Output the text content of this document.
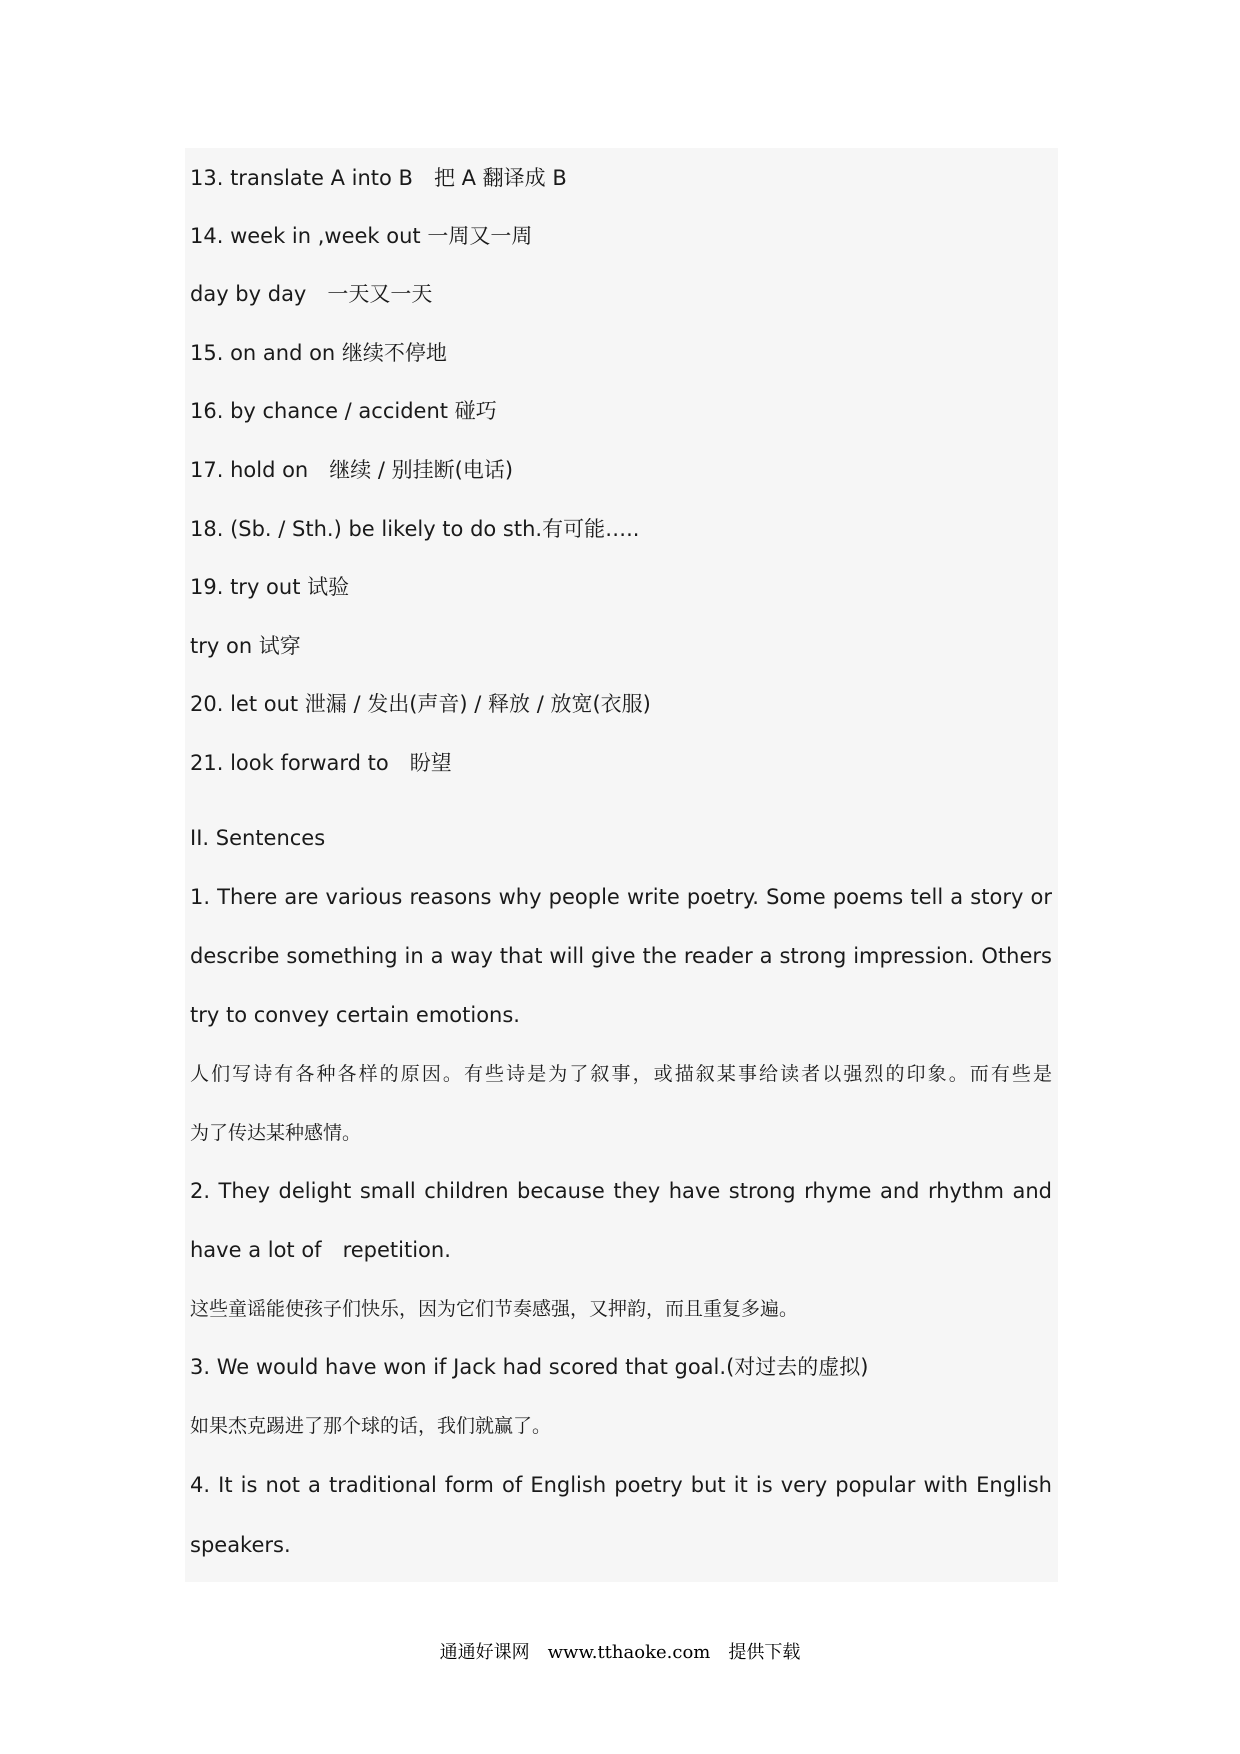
13. translate A into B　把 A 翻译成 B
14. week in ,week out 一周又一周
day by day　一天又一天
15. on and on 继续不停地
16. by chance / accident 碰巧
17. hold on　继续 / 别挂断(电话)
18. (Sb. / Sth.) be likely to do sth.有可能…..
19. try out 试验
try on 试穿
20. let out 泄漏 / 发出(声音) / 释放 / 放宽(衣服)
21. look forward to　盼望
II. Sentences
1. There are various reasons why people write poetry. Some poems tell a story or
describe something in a way that will give the reader a strong impression. Others
try to convey certain emotions.
人们写诗有各种各样的原因。有些诗是为了叙事，或描叙某事给读者以强烈的印象。而有些是
为了传达某种感情。
2. They delight small children because they have strong rhyme and rhythm and
have a lot of　repetition.
这些童谣能使孩子们快乐，因为它们节奏感强，又押韵，而且重复多遍。
3. We would have won if Jack had scored that goal.(对过去的虚拟)
如果杰克踢进了那个球的话，我们就赢了。
4. It is not a traditional form of English poetry but it is very popular with English
speakers.
通通好课网　www.tthaoke.com　提供下载
